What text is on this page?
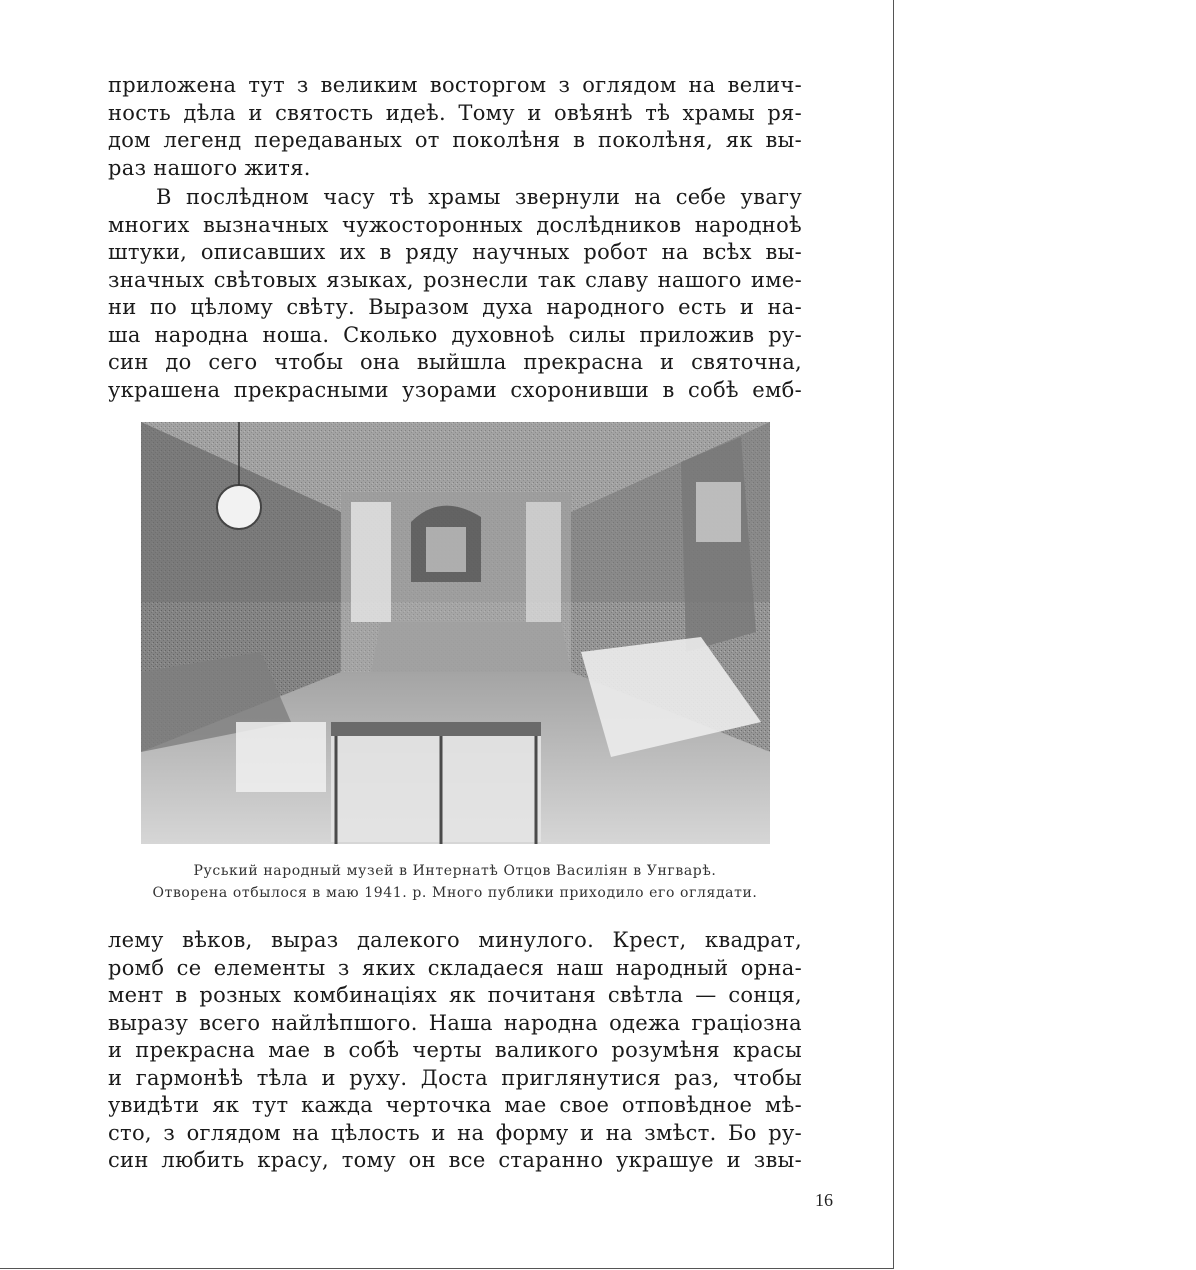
приложена тут з великим восторгом з оглядом на велич-
ность дѣла и святость идеѣ. Тому и овѣянѣ тѣ храмы ря-
дом легенд передаваных от поколѣня в поколѣня, як вы-
раз нашого житя.
В послѣдном часу тѣ храмы звернули на себе увагу
многих вызначных чужосторонных дослѣдников народноѣ
штуки, описавших их в ряду научных робот на всѣх вы-
значных свѣтовых языках, рознесли так славу нашого име-
ни по цѣлому свѣту. Выразом духа народного есть и на-
ша народна ноша. Сколько духовноѣ силы приложив ру-
син до сего чтобы она выйшла прекрасна и святочна,
украшена прекрасными узорами схоронивши в собѣ емб-
Руський народный музей в Интернатѣ Отцов Василіян в Унгварѣ.
Отворена отбылося в маю 1941. р. Много публики приходило его оглядати.
лему вѣков, выраз далекого минулого. Крест, квадрат,
ромб се елементы з яких складаеся наш народный орна-
мент в розных комбинаціях як почитаня свѣтла — сонця,
выразу всего найлѣпшого. Наша народна одежа граціозна
и прекрасна мае в собѣ черты валикого розумѣня красы
и гармонѣѣ тѣла и руху. Доста приглянутися раз, чтобы
увидѣти як тут кажда черточка мае свое отповѣдное мѣ-
сто, з оглядом на цѣлость и на форму и на змѣст. Бо ру-
син любить красу, тому он все старанно украшуе и звы-
16
